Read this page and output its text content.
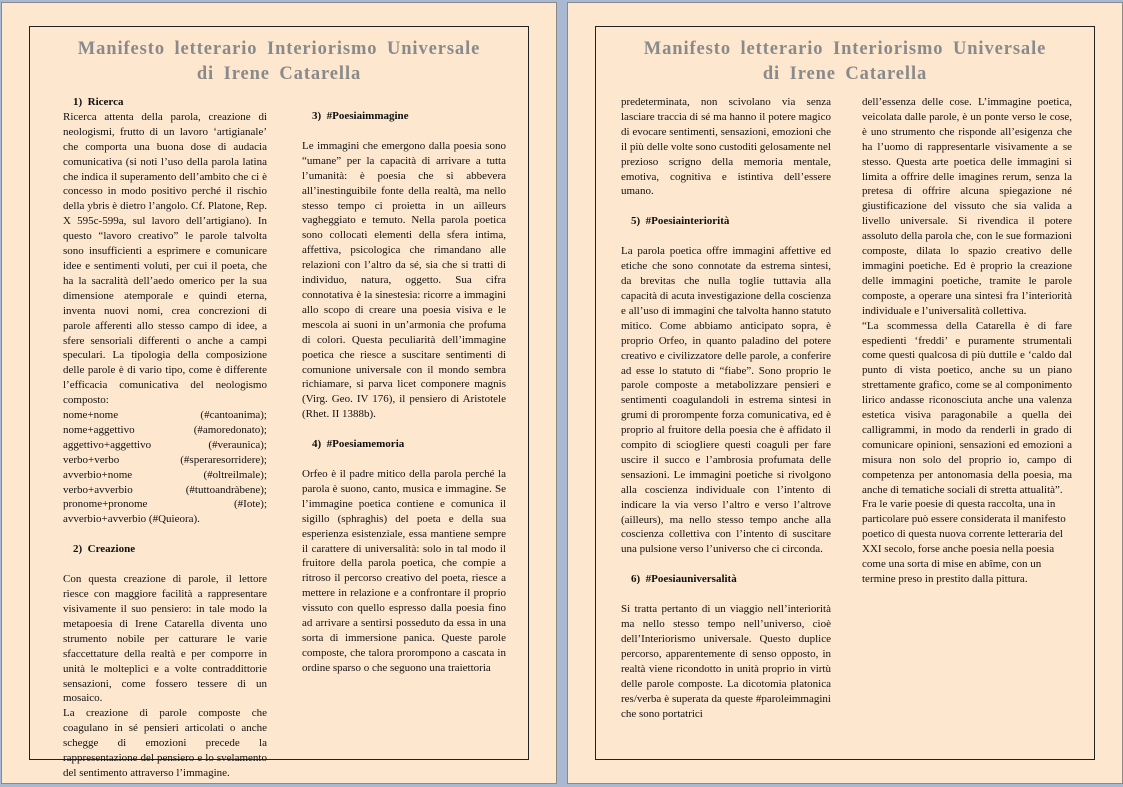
Manifesto letterario Interiorismo Universale
di Irene Catarella

1)  Ricerca

Ricerca attenta della parola, creazione di neologismi, frutto di un lavoro ‘artigianale’ che comporta una buona dose di audacia comunicativa (si noti l’uso della parola latina che indica il superamento dell’ambito che ci è concesso in modo positivo perché il rischio della ybris è dietro l’angolo. Cf. Platone, Rep. X 595c-599a, sul lavoro dell’artigiano). In questo “lavoro creativo” le parole talvolta sono insufficienti a esprimere e comunicare idee e sentimenti voluti, per cui il poeta, che ha la sacralità dell’aedo omerico per la sua dimensione atemporale e quindi eterna, inventa nuovi nomi, crea concrezioni di parole afferenti allo stesso campo di idee, a sfere sensoriali differenti o anche a campi speculari. La tipologia della composizione delle parole è di vario tipo, come è differente l’efficacia comunicativa del neologismo composto:

nome+nome	(#cantoanima);
nome+aggettivo	(#amoredonato);
aggettivo+aggettivo	(#veraunica);
verbo+verbo	(#speraresorridere);
avverbio+nome	(#oltreilmale);
verbo+avverbio	(#tuttoandràbene);
pronome+pronome	(#Iote);

avverbio+avverbio (#Quieora).

2)  Creazione

Con questa creazione di parole, il lettore riesce con maggiore facilità a rappresentare visivamente il suo pensiero: in tale modo la metapoesia di Irene Catarella diventa uno strumento nobile per catturare le varie sfaccettature della realtà e per comporre in unità le molteplici e a volte contraddittorie sensazioni, come fossero tessere di un mosaico.

La creazione di parole composte che coagulano in sé pensieri articolati o anche schegge di emozioni precede la rappresentazione del pensiero e lo svelamento del sentimento attraverso l’immagine.

Manifesto letterario Interiorismo Universale
di Irene Catarella

predeterminata, non scivolano via senza lasciare traccia di sé ma hanno il potere magico di evocare sentimenti, sensazioni, emozioni che il più delle volte sono custoditi gelosamente nel prezioso scrigno della memoria mentale, emotiva, cognitiva e istintiva dell’essere umano.

5)  #Poesiainteriorità

La parola poetica offre immagini affettive ed etiche che sono connotate da estrema sintesi, da brevitas che nulla toglie tuttavia alla capacità di acuta investigazione della coscienza e all’uso di immagini che talvolta hanno statuto mitico. Come abbiamo anticipato sopra, è proprio Orfeo, in quanto paladino del potere creativo e civilizzatore delle parole, a conferire ad esse lo statuto di “fiabe”. Sono proprio le parole composte a metabolizzare pensieri e sentimenti coagulandoli in estrema sintesi in grumi di prorompente forza comunicativa, ed è proprio al fruitore della poesia che è affidato il compito di sciogliere questi coaguli per fare uscire il succo e l’ambrosia profumata delle sensazioni. Le immagini poetiche si rivolgono alla coscienza individuale con l’intento di indicare la via verso l’altro e verso l’altrove (ailleurs), ma nello stesso tempo anche alla coscienza collettiva con l’intento di suscitare una pulsione verso l’universo che ci circonda.

6)  #Poesiauniversalità

Si tratta pertanto di un viaggio nell’interiorità ma nello stesso tempo nell’universo, cioè dell’Interiorismo universale. Questo duplice percorso, apparentemente di senso opposto, in realtà viene ricondotto in unità proprio in virtù delle parole composte. La dicotomia platonica res/verba è superata da queste #paroleimmagini che sono portatrici

dell’essenza delle cose. L’immagine poetica, veicolata dalle parole, è un ponte verso le cose, è uno strumento che risponde all’esigenza che ha l’uomo di rappresentarle visivamente a se stesso. Questa arte poetica delle immagini si limita a offrire delle imagines rerum, senza la pretesa di offrire alcuna spiegazione né giustificazione del vissuto che sia valida a livello universale. Si rivendica il potere assoluto della parola che, con le sue formazioni composte, dilata lo spazio creativo delle immagini poetiche. Ed è proprio la creazione delle immagini poetiche, tramite le parole composte, a operare una sintesi fra l’interiorità individuale e l’universalità collettiva.

“La scommessa della Catarella è di fare espedienti ‘freddi’ e puramente strumentali come questi qualcosa di più duttile e ‘caldo dal punto di vista poetico, anche su un piano strettamente grafico, come se al componimento lirico andasse riconosciuta anche una valenza estetica visiva paragonabile a quella dei calligrammi, in modo da renderli in grado di comunicare opinioni, sensazioni ed emozioni a misura non solo del proprio io, campo di competenza per antonomasia della poesia, ma anche di tematiche sociali di stretta attualità”.

Fra le varie poesie di questa raccolta, una in particolare può essere considerata il manifesto poetico di questa nuova corrente letteraria del XXI secolo, forse anche poesia nella poesia come una sorta di mise en abîme, con un termine preso in prestito dalla pittura.

3)  #Poesiaimmagine

Le immagini che emergono dalla poesia sono “umane” per la capacità di arrivare a tutta l’umanità: è poesia che si abbevera all’inestinguibile fonte della realtà, ma nello stesso tempo ci proietta in un ailleurs vagheggiato e temuto. Nella parola poetica sono collocati elementi della sfera intima, affettiva, psicologica che rimandano alle relazioni con l’altro da sé, sia che si tratti di individuo, natura, oggetto. Sua cifra connotativa è la sinestesia: ricorre a immagini allo scopo di creare una poesia visiva e le mescola ai suoni in un’armonia che profuma di colori. Questa peculiarità dell’immagine poetica che riesce a suscitare sentimenti di comunione universale con il mondo sembra richiamare, si parva licet componere magnis (Virg. Geo. IV 176), il pensiero di Aristotele (Rhet. II 1388b).

4)  #Poesiamemoria

Orfeo è il padre mitico della parola perché la parola è suono, canto, musica e immagine. Se l’immagine poetica contiene e comunica il sigillo (sphraghis) del poeta e della sua esperienza esistenziale, essa mantiene sempre il carattere di universalità: solo in tal modo il fruitore della parola poetica, che compie a ritroso il percorso creativo del poeta, riesce a mettere in relazione e a confrontare il proprio vissuto con quello espresso dalla poesia fino ad arrivare a sentirsi posseduto da essa in una sorta di immersione panica. Queste parole composte, che talora prorompono a cascata in ordine sparso o che seguono una traiettoria
